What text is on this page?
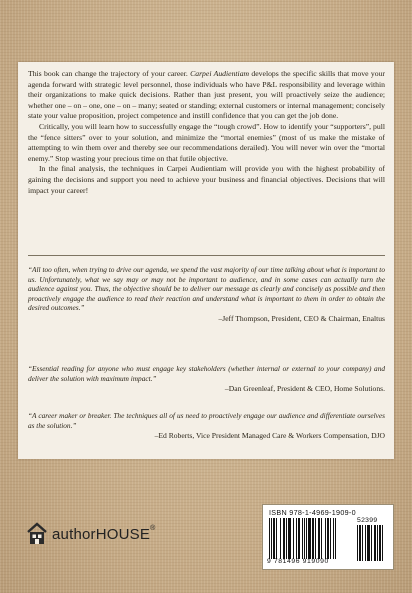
This book can change the trajectory of your career. Carpei Audientiam develops the specific skills that move your agenda forward with strategic level personnel, those individuals who have P&L responsibility and leverage within their organizations to make quick decisions. Rather than just present, you will proactively seize the audience; whether one – on – one, one – on – many; seated or standing; external customers or internal management; concisely state your value proposition, project competence and instill confidence that you can get the job done.

Critically, you will learn how to successfully engage the “tough crowd”. How to identify your “supporters”, pull the “fence sitters” over to your solution, and minimize the “mortal enemies” (most of us make the mistake of attempting to win them over and thereby see our recommendations derailed). You will never win over the “mortal enemy.” Stop wasting your precious time on that futile objective.

In the final analysis, the techniques in Carpei Audientiam will provide you with the highest probability of gaining the decisions and support you need to achieve your business and financial objectives. Decisions that will impact your career!

“All too often, when trying to drive our agenda, we spend the vast majority of our time talking about what is important to us. Unfortunately, what we say may or may not be important to audience, and in some cases can actually turn the audience against you. Thus, the objective should be to deliver our message as clearly and concisely as possible and then proactively engage the audience to read their reaction and understand what is important to them in order to obtain the desired outcomes.”

–Jeff Thompson, President, CEO & Chairman, Enaltus

“Essential reading for anyone who must engage key stakeholders (whether internal or external to your company) and deliver the solution with maximum impact.”

–Dan Greenleaf, President & CEO, Home Solutions.

“A career maker or breaker. The techniques all of us need to proactively engage our audience and differentiate ourselves as the solution.”

–Ed Roberts, Vice President Managed Care & Workers Compensation, DJO

authorHOUSE®
ISBN 978-1-4969-1909-0
9 781496 919090
52399
